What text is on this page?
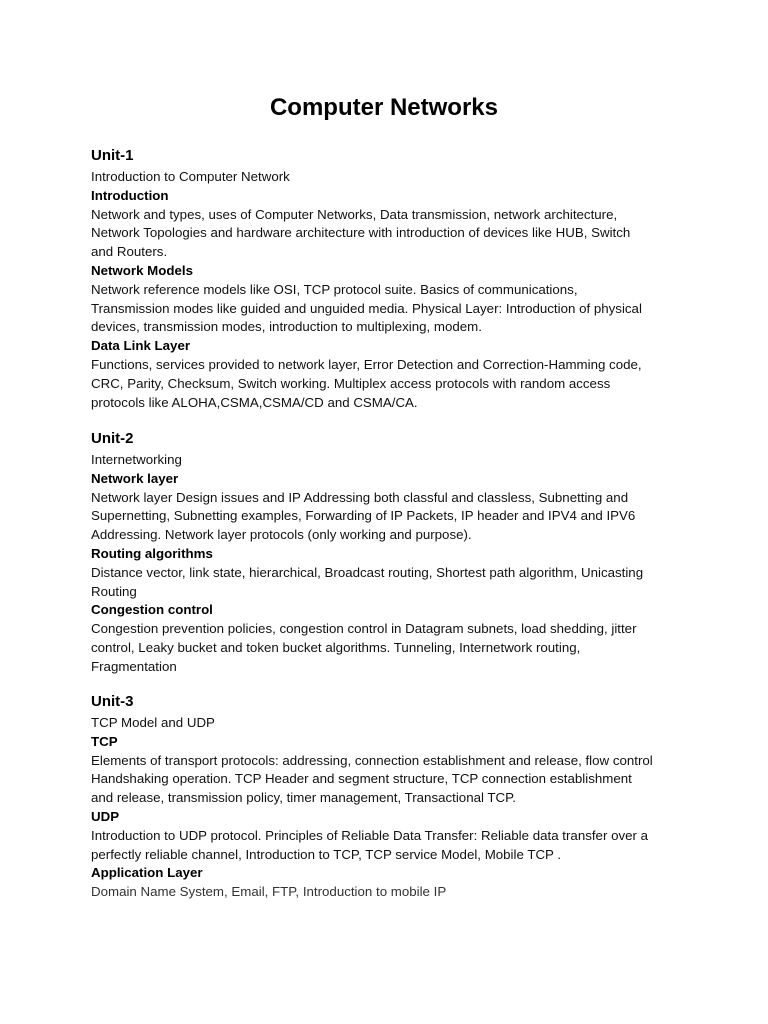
Computer Networks
Unit-1
Introduction to Computer Network
Introduction
Network and types, uses of Computer Networks, Data transmission, network architecture,
Network Topologies and hardware architecture with introduction of devices like HUB, Switch
and Routers.
Network Models
Network reference models like OSI, TCP protocol suite. Basics of communications,
Transmission modes like guided and unguided media. Physical Layer: Introduction of physical
devices, transmission modes, introduction to multiplexing, modem.
Data Link Layer
Functions, services provided to network layer, Error Detection and Correction-Hamming code,
CRC, Parity, Checksum, Switch working. Multiplex access protocols with random access
protocols like ALOHA,CSMA,CSMA/CD and CSMA/CA.
Unit-2
Internetworking
Network layer
Network layer Design issues and IP Addressing both classful and classless, Subnetting and
Supernetting, Subnetting examples, Forwarding of IP Packets, IP header and IPV4 and IPV6
Addressing. Network layer protocols (only working and purpose).
Routing algorithms
Distance vector, link state, hierarchical, Broadcast routing, Shortest path algorithm, Unicasting
Routing
Congestion control
Congestion prevention policies, congestion control in Datagram subnets, load shedding, jitter
control, Leaky bucket and token bucket algorithms. Tunneling, Internetwork routing,
Fragmentation
Unit-3
TCP Model and UDP
TCP
Elements of transport protocols: addressing, connection establishment and release, flow control
Handshaking operation. TCP Header and segment structure, TCP connection establishment
and release, transmission policy, timer management, Transactional TCP.
UDP
Introduction to UDP protocol. Principles of Reliable Data Transfer: Reliable data transfer over a
perfectly reliable channel, Introduction to TCP, TCP service Model, Mobile TCP .
Application Layer
Domain Name System, Email, FTP, Introduction to mobile IP
